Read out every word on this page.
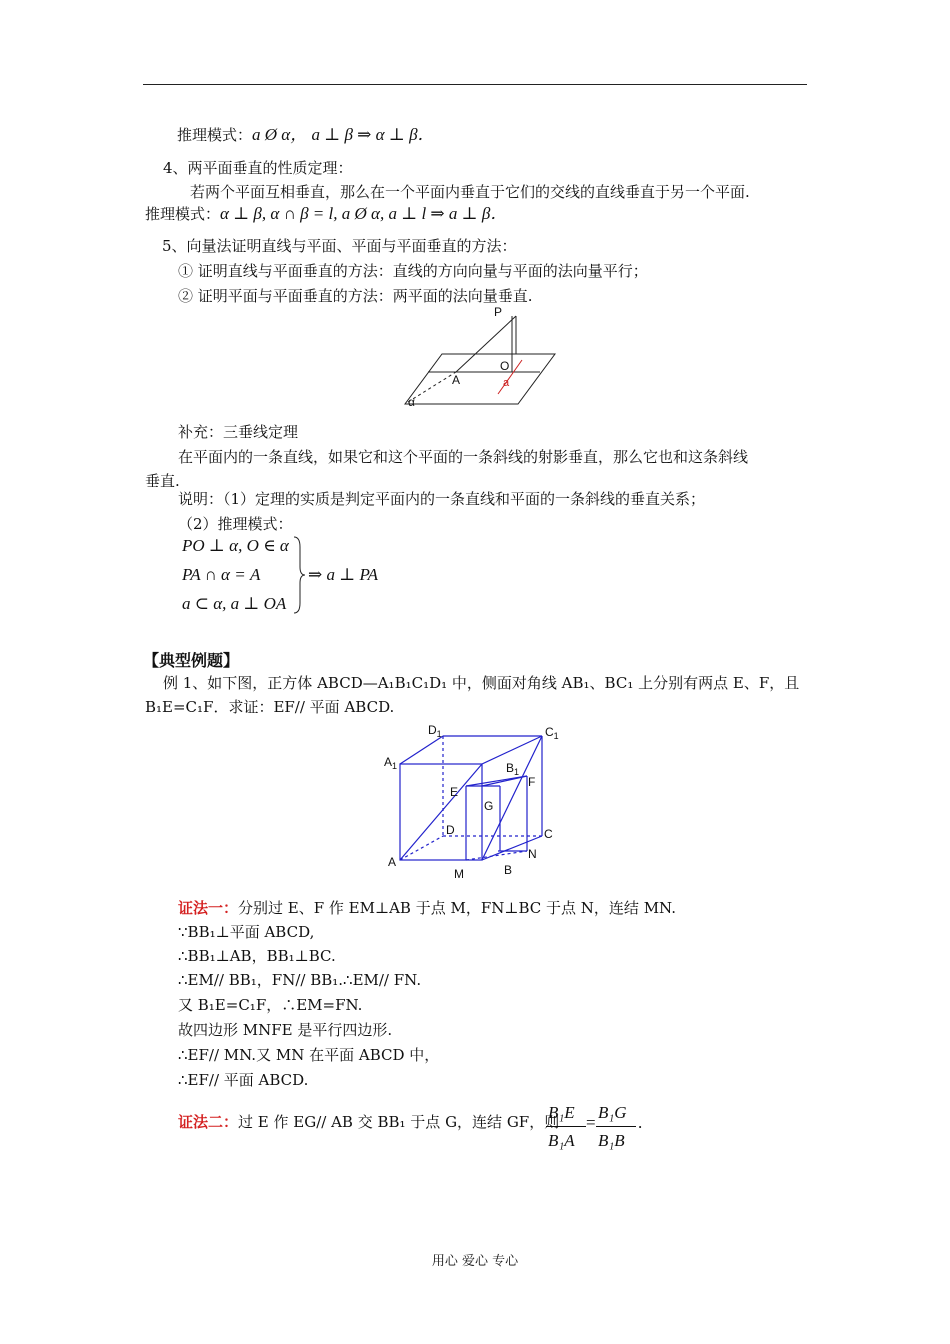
推理模式：a Ø α， a ⊥ β ⇒ α ⊥ β．
4、两平面垂直的性质定理：
若两个平面互相垂直，那么在一个平面内垂直于它们的交线的直线垂直于另一个平面.
推理模式：α ⊥ β, α ∩ β = l, a Ø α, a ⊥ l ⇒ a ⊥ β．
5、向量法证明直线与平面、平面与平面垂直的方法：
① 证明直线与平面垂直的方法：直线的方向向量与平面的法向量平行；
② 证明平面与平面垂直的方法：两平面的法向量垂直.
P
O
A
α
a
补充：三垂线定理
在平面内的一条直线，如果它和这个平面的一条斜线的射影垂直，那么它也和这条斜线
垂直.
说明：（1）定理的实质是判定平面内的一条直线和平面的一条斜线的垂直关系；
（2）推理模式：
PO ⊥ α, O ∈ α
PA ∩ α = A
a ⊂ α, a ⊥ OA
⇒ a ⊥ PA
【典型例题】
例 1、如下图，正方体 ABCD—A₁B₁C₁D₁ 中，侧面对角线 AB₁、BC₁ 上分别有两点 E、F，且
B₁E=C₁F．求证：EF// 平面 ABCD.
A
B
C
D
$A_1$	$B_1$
$C_1$
$D_1$
E
F
G
M
N
证法一：分别过 E、F 作 EM⊥AB 于点 M，FN⊥BC 于点 N，连结 MN.
∵BB₁⊥平面 ABCD,
∴BB₁⊥AB，BB₁⊥BC.
∴EM// BB₁，FN// BB₁.∴EM// FN.
又 B₁E=C₁F，∴EM=FN.
故四边形 MNFE 是平行四边形.
∴EF// MN.又 MN 在平面 ABCD 中，
∴EF// 平面 ABCD.
证法二：过 E 作 EG// AB 交 BB₁ 于点 G，连结 GF，则
B₁E
B₁A
=
B₁G
B₁B
.
用心 爱心 专心
